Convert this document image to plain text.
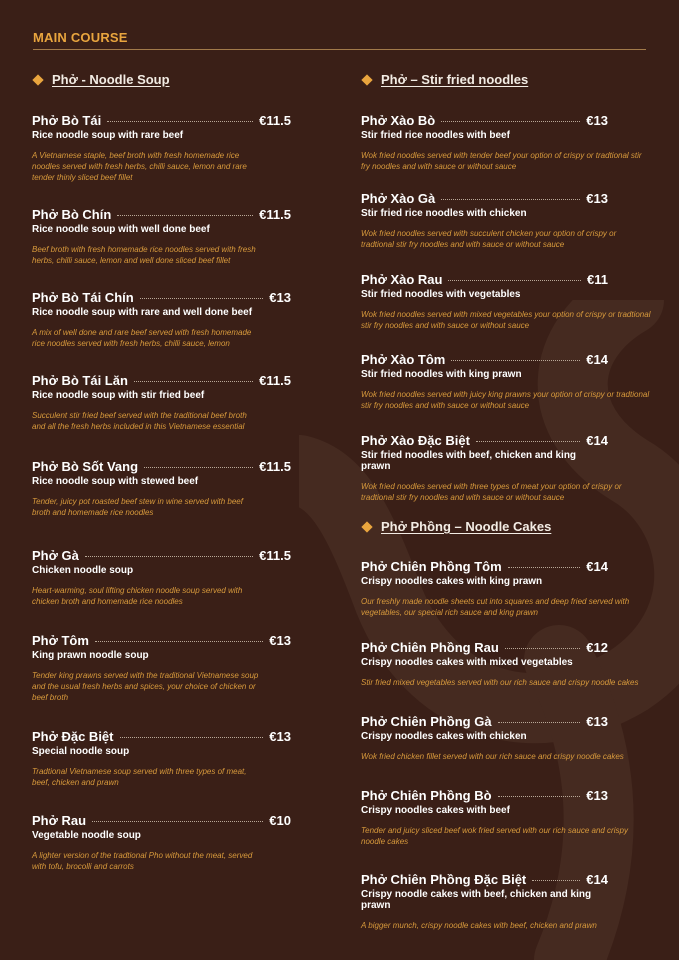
MAIN COURSE
Phở - Noodle Soup
Phở Bò Tái	€11.5
Rice noodle soup with rare beef
A Vietnamese staple, beef broth with fresh homemade rice noodles served with fresh herbs, chilli sauce, lemon and rare tender thinly sliced beef fillet
Phở Bò Chín	€11.5
Rice noodle soup with well done beef
Beef broth with fresh homemade rice noodles served with fresh herbs, chilli sauce, lemon and well done sliced beef fillet
Phở Bò Tái Chín	€13
Rice noodle soup with rare and well done beef
A mix of well done and rare beef served with fresh homemade rice noodles served with fresh herbs, chilli sauce, lemon
Phở Bò Tái Lăn	€11.5
Rice noodle soup with stir fried beef
Succulent stir fried beef served with the traditional beef broth and all the fresh herbs included in this Vietnamese essential
Phở Bò Sốt Vang	€11.5
Rice noodle soup with stewed beef
Tender, juicy pot roasted beef stew in wine served with beef broth and homemade rice noodles
Phở Gà	€11.5
Chicken noodle soup
Heart-warming, soul lifting chicken noodle soup served with chicken broth and homemade rice noodles
Phở Tôm	€13
King prawn noodle soup
Tender king prawns served with the traditional Vietnamese soup and the usual fresh herbs and spices, your choice of chicken or beef broth
Phở Đặc Biệt	€13
Special noodle soup
Tradtional Vietnamese soup served with three types of meat, beef, chicken and prawn
Phở Rau	€10
Vegetable noodle soup
A lighter version of the tradtional Pho without the meat, served with tofu, brocolli and carrots
Phở – Stir fried noodles
Phở Xào Bò	€13
Stir fried rice noodles with beef
Wok fried noodles served with tender beef your option of crispy or tradtional stir fry noodles and with sauce or without sauce
Phở Xào Gà	€13
Stir fried rice noodles with chicken
Wok fried noodles served with succulent chicken your option of crispy or tradtional stir fry noodles and with sauce or without sauce
Phở Xào Rau	€11
Stir fried noodles with vegetables
Wok fried noodles served with mixed vegetables your option of crispy or tradtional stir fry noodles and with sauce or without sauce
Phở Xào Tôm	€14
Stir fried noodles with king prawn
Wok fried noodles served with juicy king prawns your option of crispy or tradtional stir fry noodles and with sauce or without sauce
Phở Xào Đặc Biệt	€14
Stir fried noodles with beef, chicken and king prawn
Wok fried noodles served with three types of meat your option of crispy or tradtional stir fry noodles and with sauce or without sauce
Phở Phồng – Noodle Cakes
Phở Chiên Phồng Tôm	€14
Crispy noodles cakes with king prawn
Our freshly made noodle sheets cut into squares and deep fried served with vegetables, our special rich sauce and king prawn
Phở Chiên Phồng Rau	€12
Crispy noodles cakes with mixed vegetables
Stir fried mixed vegetables served with our rich sauce and crispy noodle cakes
Phở Chiên Phồng Gà	€13
Crispy noodles cakes with chicken
Wok fried chicken fillet served with our rich sauce and crispy noodle cakes
Phở Chiên Phồng Bò	€13
Crispy noodles cakes with beef
Tender and juicy sliced beef wok fried served with our rich sauce and crispy noodle cakes
Phở Chiên Phồng Đặc Biệt	€14
Crispy noodle cakes with beef, chicken and king prawn
A bigger munch, crispy noodle cakes with beef, chicken and prawn
